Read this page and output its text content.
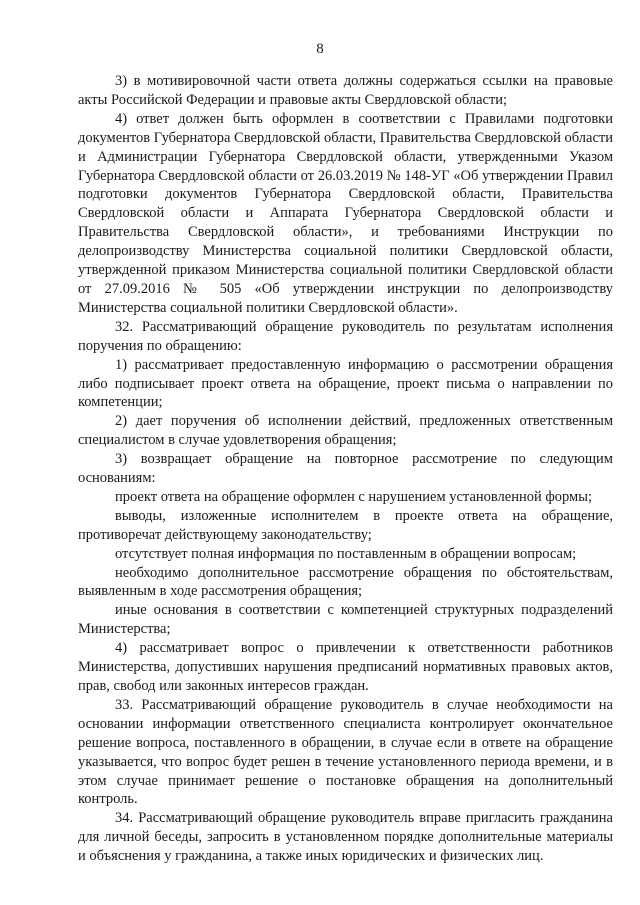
8

3) в мотивировочной части ответа должны содержаться ссылки на правовые акты Российской Федерации и правовые акты Свердловской области;

4) ответ должен быть оформлен в соответствии с Правилами подготовки документов Губернатора Свердловской области, Правительства Свердловской области и Администрации Губернатора Свердловской области, утвержденными Указом Губернатора Свердловской области от 26.03.2019 № 148-УГ «Об утверждении Правил подготовки документов Губернатора Свердловской области, Правительства Свердловской области и Аппарата Губернатора Свердловской области и Правительства Свердловской области», и требованиями Инструкции по делопроизводству Министерства социальной политики Свердловской области, утвержденной приказом Министерства социальной политики Свердловской области от 27.09.2016 № 505 «Об утверждении инструкции по делопроизводству Министерства социальной политики Свердловской области».

32. Рассматривающий обращение руководитель по результатам исполнения поручения по обращению:

1) рассматривает предоставленную информацию о рассмотрении обращения либо подписывает проект ответа на обращение, проект письма о направлении по компетенции;

2) дает поручения об исполнении действий, предложенных ответственным специалистом в случае удовлетворения обращения;

3) возвращает обращение на повторное рассмотрение по следующим основаниям:

проект ответа на обращение оформлен с нарушением установленной формы;

выводы, изложенные исполнителем в проекте ответа на обращение, противоречат действующему законодательству;

отсутствует полная информация по поставленным в обращении вопросам;

необходимо дополнительное рассмотрение обращения по обстоятельствам, выявленным в ходе рассмотрения обращения;

иные основания в соответствии с компетенцией структурных подразделений Министерства;

4) рассматривает вопрос о привлечении к ответственности работников Министерства, допустивших нарушения предписаний нормативных правовых актов, прав, свобод или законных интересов граждан.

33. Рассматривающий обращение руководитель в случае необходимости на основании информации ответственного специалиста контролирует окончательное решение вопроса, поставленного в обращении, в случае если в ответе на обращение указывается, что вопрос будет решен в течение установленного периода времени, и в этом случае принимает решение о постановке обращения на дополнительный контроль.

34. Рассматривающий обращение руководитель вправе пригласить гражданина для личной беседы, запросить в установленном порядке дополнительные материалы и объяснения у гражданина, а также иных юридических и физических лиц.
